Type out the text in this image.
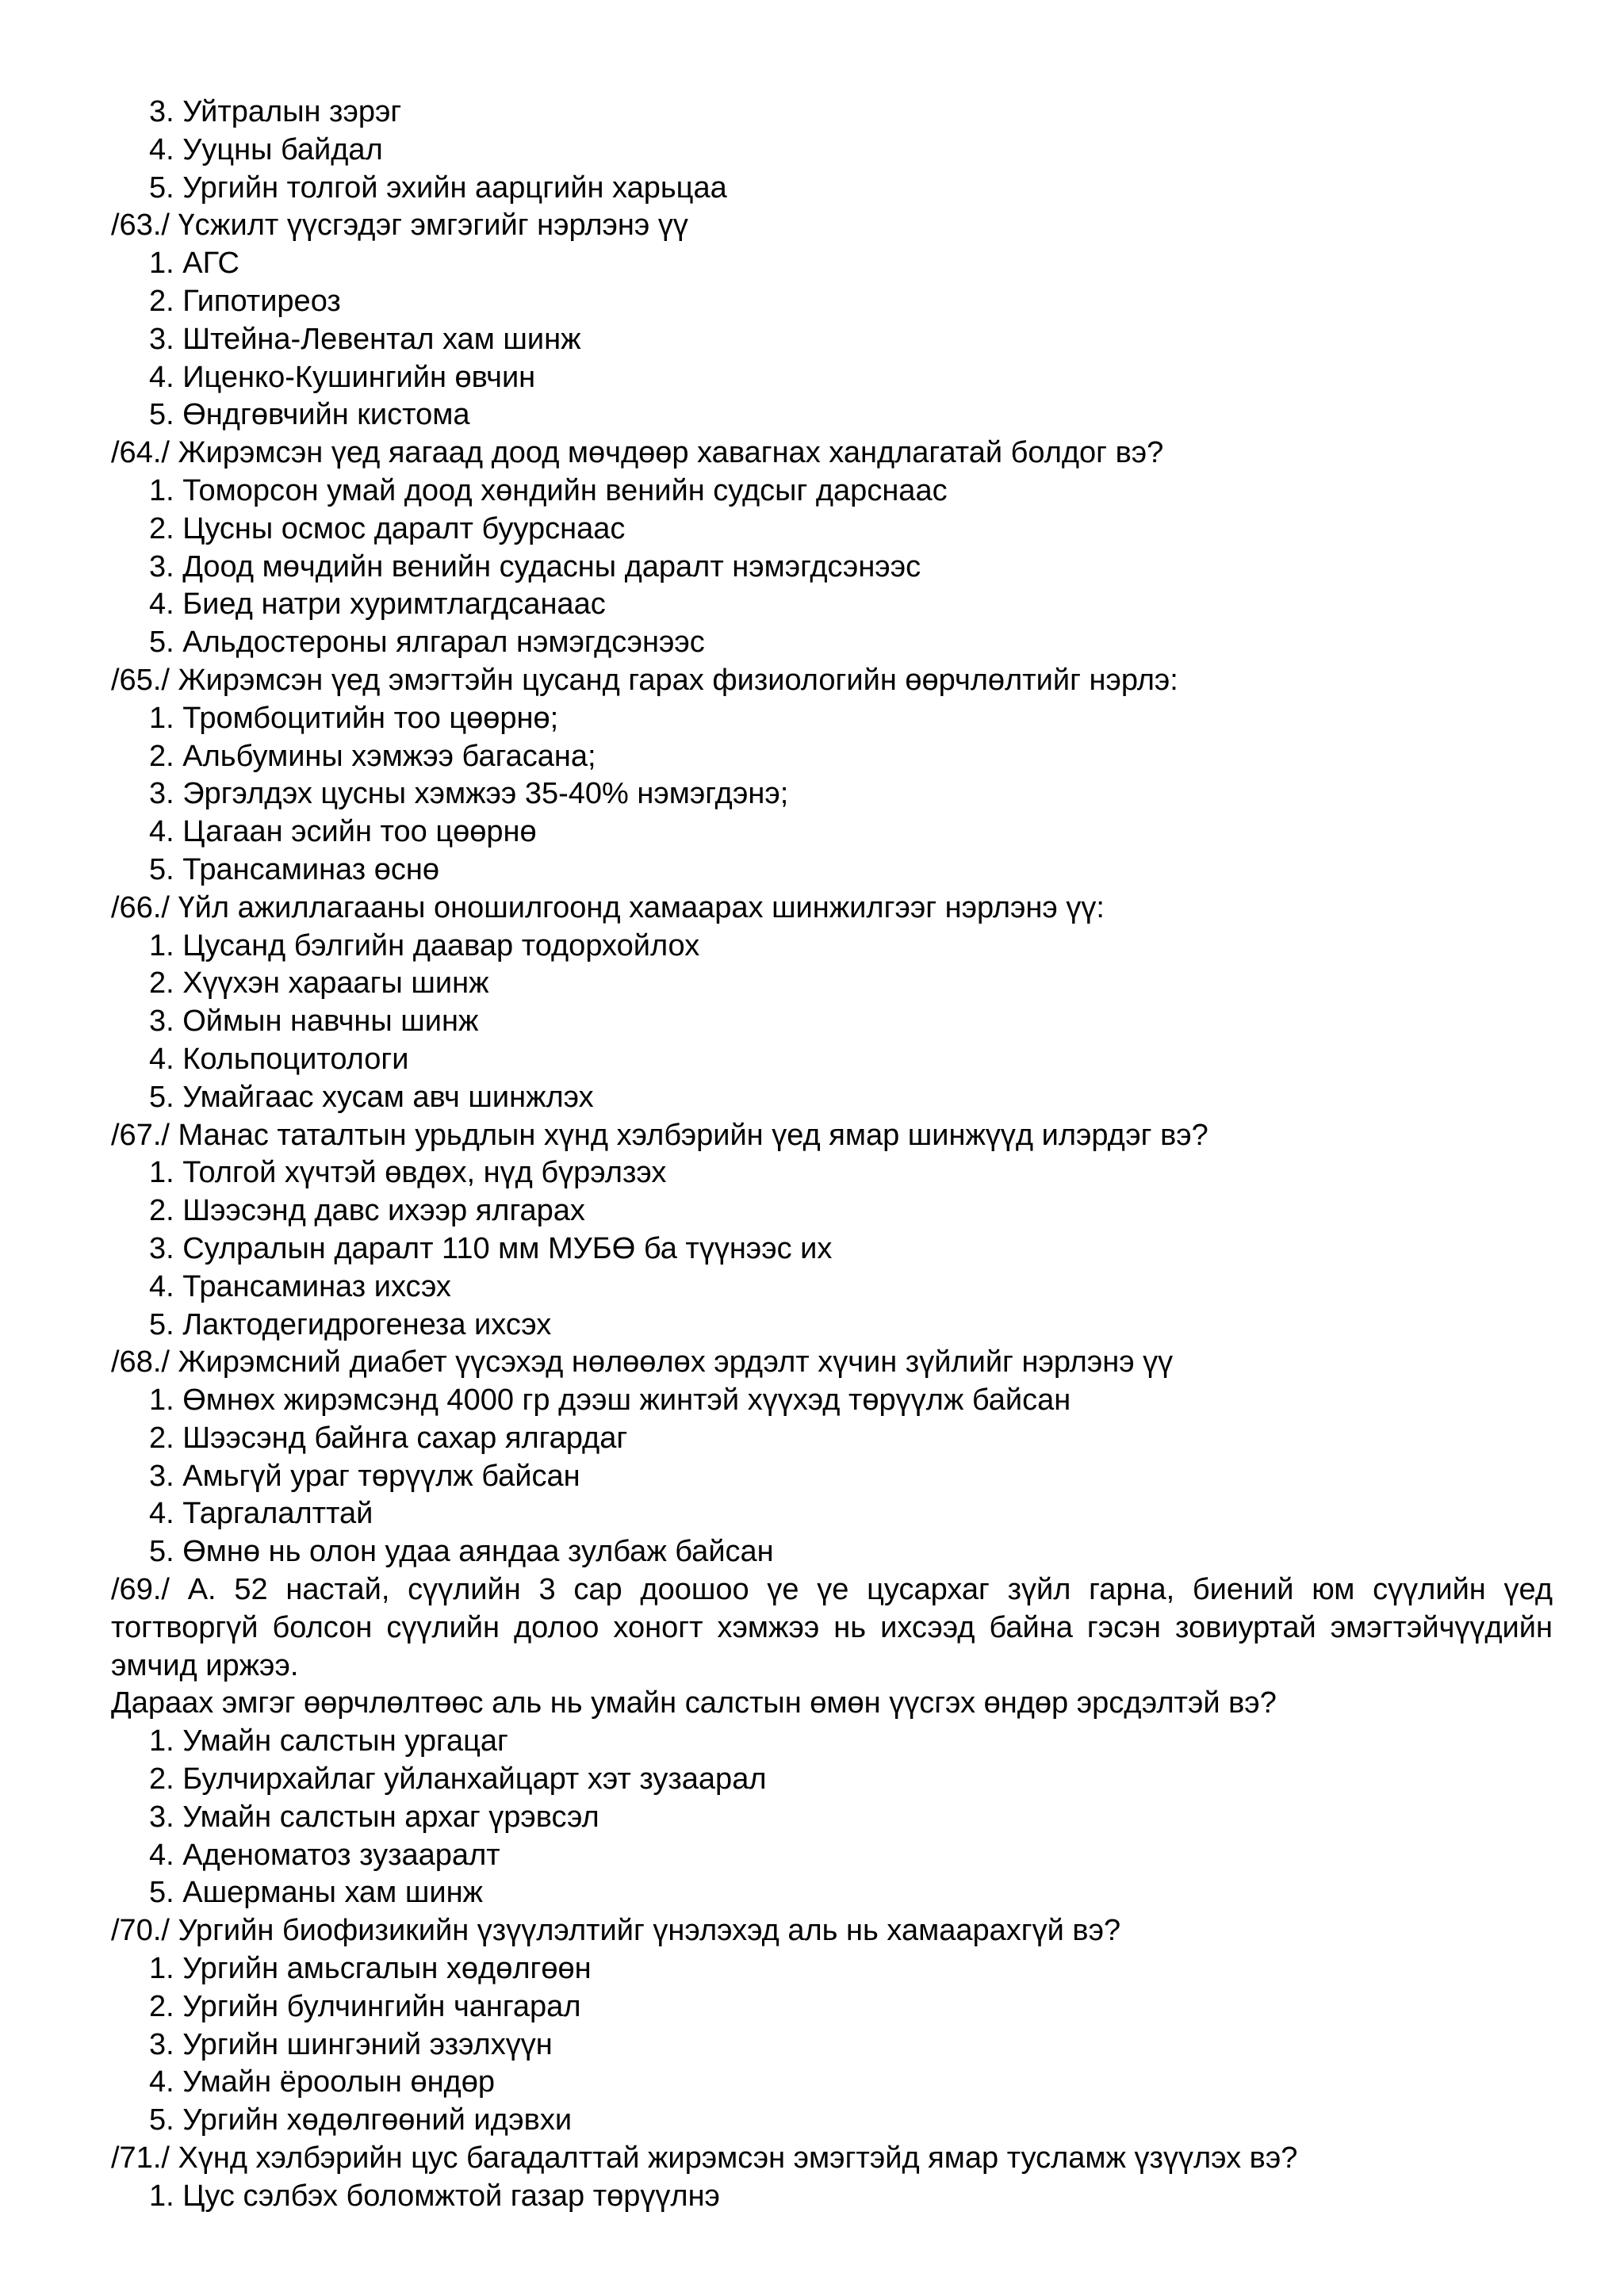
3. Уйтралын зэрэг
4. Ууцны байдал
5. Ургийн толгой эхийн аарцгийн харьцаа
/63./ Үсжилт үүсгэдэг эмгэгийг нэрлэнэ үү
1. АГС
2. Гипотиреоз
3. Штейна-Левентал хам шинж
4. Иценко-Кушингийн өвчин
5. Өндгөвчийн кистома
/64./ Жирэмсэн үед яагаад доод мөчдөөр хавагнах хандлагатай болдог вэ?
1. Томорсон умай доод хөндийн венийн судсыг дарснаас
2. Цусны осмос даралт буурснаас
3. Доод мөчдийн венийн судасны даралт нэмэгдсэнээс
4. Биед натри хуримтлагдсанаас
5. Альдостероны ялгарал нэмэгдсэнээс
/65./ Жирэмсэн үед эмэгтэйн цусанд гарах физиологийн өөрчлөлтийг нэрлэ:
1. Тромбоцитийн тоо цөөрнө;
2. Альбумины хэмжээ багасана;
3. Эргэлдэх цусны хэмжээ 35-40% нэмэгдэнэ;
4. Цагаан эсийн тоо цөөрнө
5. Трансаминаз өснө
/66./ Үйл ажиллагааны оношилгоонд хамаарах шинжилгээг нэрлэнэ үү:
1. Цусанд бэлгийн даавар тодорхойлох
2. Хүүхэн хараагы шинж
3. Оймын навчны шинж
4. Кольпоцитологи
5. Умайгаас хусам авч шинжлэх
/67./ Манас таталтын урьдлын хүнд хэлбэрийн үед ямар шинжүүд илэрдэг вэ?
1. Толгой хүчтэй өвдөх, нүд бүрэлзэх
2. Шээсэнд давс ихээр ялгарах
3. Сулралын даралт 110 мм МУБӨ ба түүнээс их
4. Трансаминаз ихсэх
5. Лактодегидрогенеза ихсэх
/68./ Жирэмсний диабет үүсэхэд нөлөөлөх эрдэлт хүчин зүйлийг нэрлэнэ үү
1. Өмнөх жирэмсэнд 4000 гр дээш жинтэй хүүхэд төрүүлж байсан
2. Шээсэнд байнга сахар ялгардаг
3. Амьгүй ураг төрүүлж байсан
4. Таргалалттай
5. Өмнө нь олон удаа аяндаа зулбаж байсан
/69./ А. 52 настай, сүүлийн 3 сар доошоо үе үе цусархаг зүйл гарна, биений юм сүүлийн үед тогтворгүй болсон сүүлийн долоо хоногт хэмжээ нь ихсээд байна гэсэн зовиуртай эмэгтэйчүүдийн эмчид иржээ.
Дараах эмгэг өөрчлөлтөөс аль нь умайн салстын өмөн үүсгэх өндөр эрсдэлтэй вэ?
1. Умайн салстын ургацаг
2. Булчирхайлаг уйланхайцарт хэт зузаарал
3. Умайн салстын архаг үрэвсэл
4. Аденоматоз зузааралт
5. Ашерманы хам шинж
/70./ Ургийн биофизикийн үзүүлэлтийг үнэлэхэд аль нь хамаарахгүй вэ?
1. Ургийн амьсгалын хөдөлгөөн
2. Ургийн булчингийн чангарал
3. Ургийн шингэний эзэлхүүн
4. Умайн ёроолын өндөр
5. Ургийн хөдөлгөөний идэвхи
/71./ Хүнд хэлбэрийн цус багадалттай жирэмсэн эмэгтэйд ямар тусламж үзүүлэх вэ?
1. Цус сэлбэх боломжтой газар төрүүлнэ
